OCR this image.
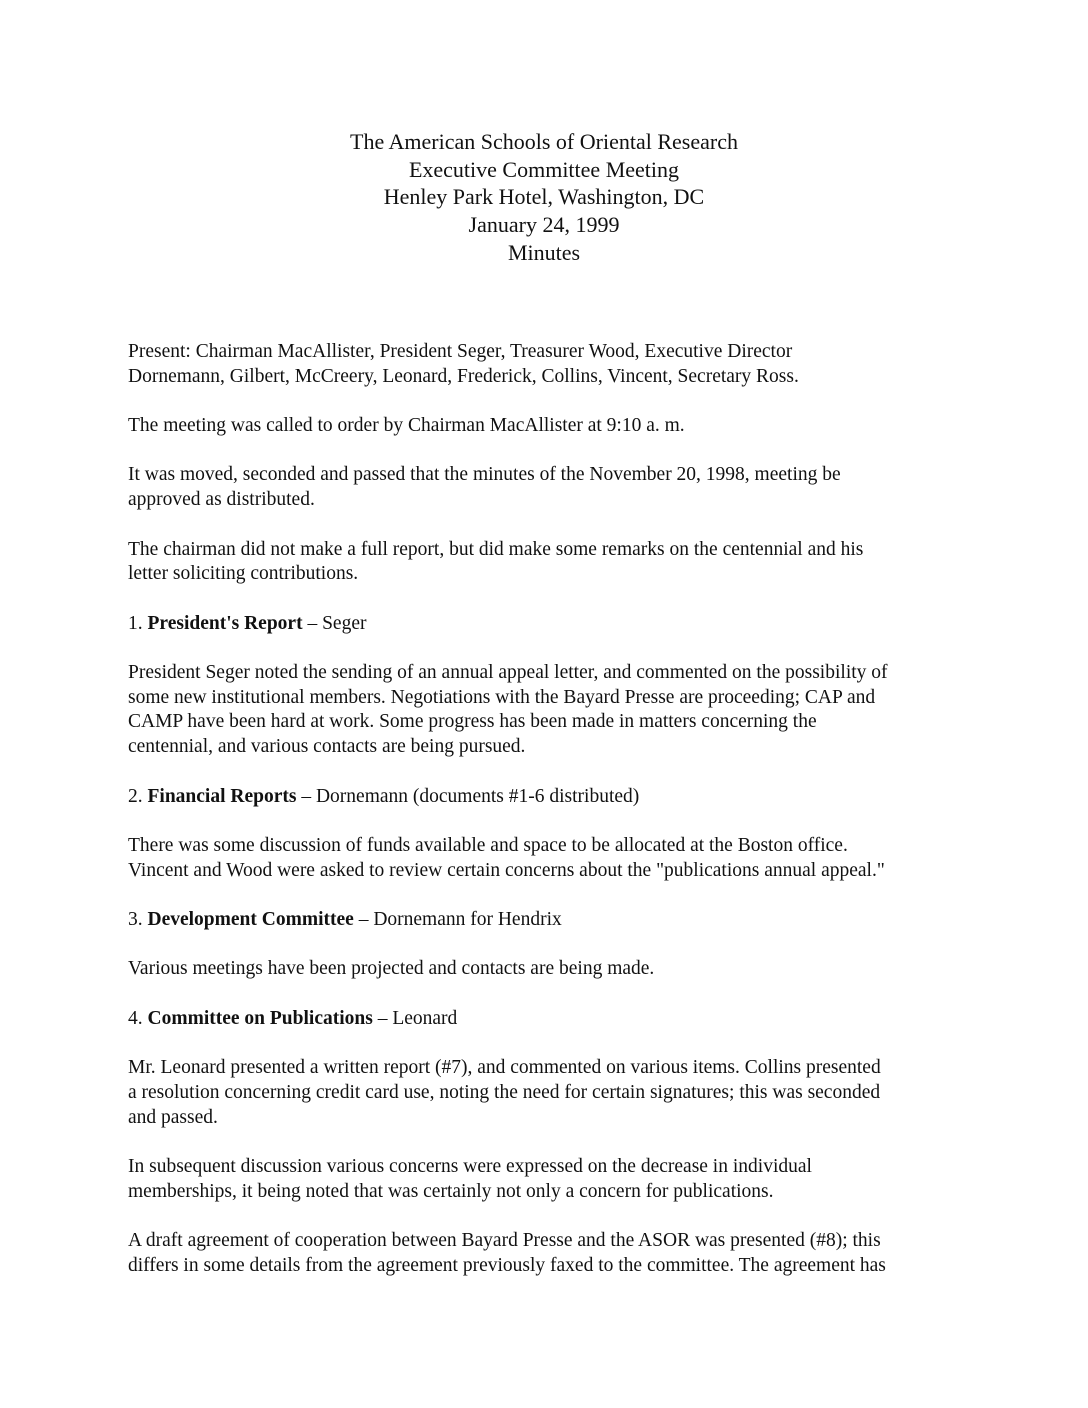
The American Schools of Oriental Research
Executive Committee Meeting
Henley Park Hotel, Washington, DC
January 24, 1999
Minutes

Present: Chairman MacAllister, President Seger, Treasurer Wood, Executive Director
Dornemann, Gilbert, McCreery, Leonard, Frederick, Collins, Vincent, Secretary Ross.

The meeting was called to order by Chairman MacAllister at 9:10 a. m.

It was moved, seconded and passed that the minutes of the November 20, 1998, meeting be
approved as distributed.

The chairman did not make a full report, but did make some remarks on the centennial and his
letter soliciting contributions.

1. President's Report – Seger

President Seger noted the sending of an annual appeal letter, and commented on the possibility of
some new institutional members. Negotiations with the Bayard Presse are proceeding; CAP and
CAMP have been hard at work. Some progress has been made in matters concerning the
centennial, and various contacts are being pursued.

2. Financial Reports – Dornemann (documents #1-6 distributed)

There was some discussion of funds available and space to be allocated at the Boston office.
Vincent and Wood were asked to review certain concerns about the "publications annual appeal."

3. Development Committee – Dornemann for Hendrix

Various meetings have been projected and contacts are being made.

4. Committee on Publications – Leonard

Mr. Leonard presented a written report (#7), and commented on various items. Collins presented
a resolution concerning credit card use, noting the need for certain signatures; this was seconded
and passed.

In subsequent discussion various concerns were expressed on the decrease in individual
memberships, it being noted that was certainly not only a concern for publications.

A draft agreement of cooperation between Bayard Presse and the ASOR was presented (#8); this
differs in some details from the agreement previously faxed to the committee. The agreement has
